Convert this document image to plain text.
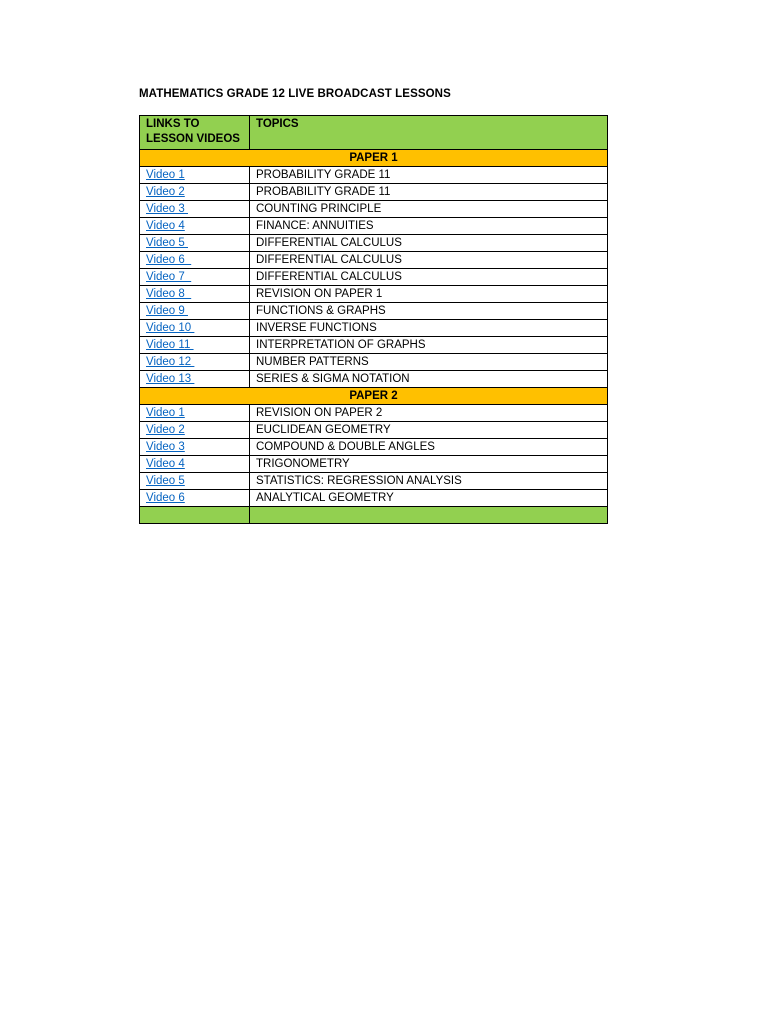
MATHEMATICS GRADE 12 LIVE BROADCAST LESSONS
LINKS TO LESSON VIDEOS	TOPICS
PAPER 1	
Video 1	PROBABILITY GRADE 11
Video 2	PROBABILITY GRADE 11
Video 3	COUNTING PRINCIPLE
Video 4	FINANCE: ANNUITIES
Video 5	DIFFERENTIAL CALCULUS
Video 6	DIFFERENTIAL CALCULUS
Video 7	DIFFERENTIAL CALCULUS
Video 8	REVISION ON PAPER 1
Video 9	FUNCTIONS & GRAPHS
Video 10	INVERSE FUNCTIONS
Video 11	INTERPRETATION OF GRAPHS
Video 12	NUMBER PATTERNS
Video 13	SERIES & SIGMA NOTATION
PAPER 2	
Video 1	REVISION ON PAPER 2
Video 2	EUCLIDEAN GEOMETRY
Video 3	COMPOUND & DOUBLE ANGLES
Video 4	TRIGONOMETRY
Video 5	STATISTICS: REGRESSION ANALYSIS
Video 6	ANALYTICAL GEOMETRY
